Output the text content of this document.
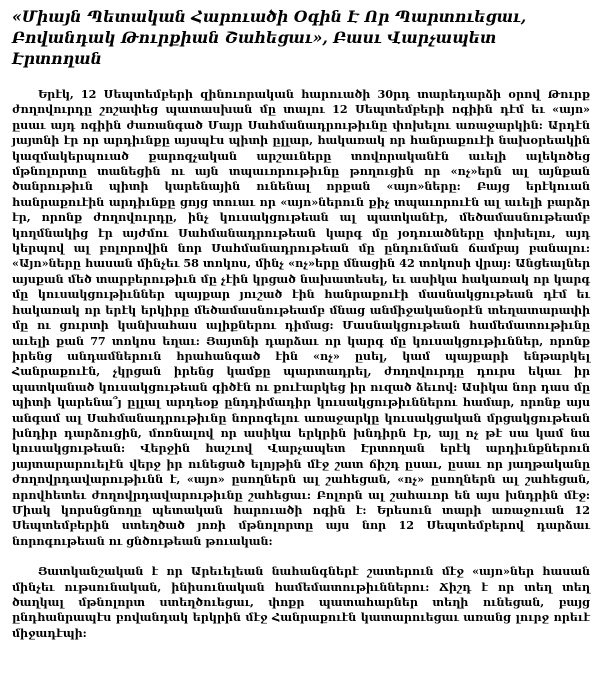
«Միայն Պետական Հարուածի Օգին Է Որ Պարտուեցաւ, Բովանդակ Թուրքիան Շահեցաւ», Բասւ Վարչապետ Էրտողան

Երէկ, 12 Սեպտեմբերի զինուորական հարուածի 30րդ տարեդարձի օրով Թուրք ժողովուրդը շոշափեց պատասխան մը տալու 12 Սեպտեմբերի ոգիին դէմ եւ «այո» ըսաւ այդ ոգիին ժառանգած Մայր Սահմանադրութիւնը փոխելու առաջարկին: Արդէն յայտնի էր որ արդիւնքը այսպէս պիտի ըլլար, հակառակ որ հանրաքուէի նախօրեակին կազմակերպուած քարոզչական արշաւները տովորականէն աւելի ալեկոծեց մթնոլորտը տանեցին ու այն տպաւորութիւնը թողուցին որ «ոչ»երն ալ այնքան ծանրութիւն պիտի կարենային ունենալ որքան «այո»ները: Բայց երէկուան հանրաքուէին արդիւնքը ցոյց տուաւ որ «այո»ներուն քիչ տպաւորուէն ալ աւելի բարձր էր, որոնք ժողովուրդը, ինչ կուսակցութեան ալ պատկանէր, մեծամասնութեամբ կողմնակից էր այժմու Սահմանադրութեան կարգ մը յօդուածները փոխելու, այդ կերպով ալ բոլորովին նոր Սահմանադրութեան մը ընդունման ճամբայ բանալու: «Այո»ները հասան մինչեւ 58 տոկոս, մինչ «ոչ»երը մնացին 42 տոկոսի վրայ: Անցեալներ այսքան մեծ տարբերութիւն մը չէին կրցած նախատեսել, եւ ասիկա հակառակ որ կարգ մը կուսակցութիւններ պայքար յուշած էին հանրաքուէի մասնակցութեան դէմ եւ հակառակ որ երէկ երկիրը մեծամասնութեամբ մնաց անմիջականօրէն տեղատարափի մը ու ցուրտի կանխահաս ալիքներու դիմաց: Մասնակցութեան համեմատութիւնը աւելի քան 77 տոկոս եղաւ: Յայտնի դարձաւ որ կարգ մը կուսակցութիւններ, որոնք իրենց անդամներուն հրահանգած էին «ոչ» ըսել, կամ պայքարի ենթարկել Հանրաքուէն, չկրցան իրենց կամքը պարտադրել, ժողովուրդը դուրս եկաւ իր պատկանած կուսակցութեան գիծէն ու քուէարկեց իր ուզած ձեւով: Ասիկա նոր դաս մը պիտի կարենա՞յ ըլլալ արդեօք ընդդիմադիր կուսակցութիւններու համար, որոնք այս անգամ ալ Սահմանադրութիւնը նորոգելու առաջարկը կուսակցական մրցակցութեան խնդիր դարձուցին, մոռնալով որ ասիկա երկրին խնդիրն էր, այլ ոչ թէ սա կամ նա կուսակցութեան: Վերջին հաշւով Վարչապետ Էրտողան երէկ արդիւնքներուն յայտարարուելէն վերջ իր ունեցած ելոյթին մէջ շատ ճիշդ ըսաւ, ըսաւ որ յաղթականը ժողովրդավարութիւնն է, «այո» ըսողներն ալ շահեցան, «ոչ» ըսողներն ալ շահեցան, որովհետեւ ժողովրդավարութիւնը շահեցաւ: Բոլորն ալ շահաւոր են այս խնդրին մէջ: Միակ կորսնցնողը պետական հարուածի ոգին է: Երեսուն տարի առաջուան 12 Սեպտեմբերին ստեղծած յոռի մթնոլորտը այս նոր 12 Սեպտեմբերով դարձաւ նորոգութեան ու ցնծութեան թուական:

Յատկանշական է որ Արեւելեան նահանգներէ շատերուն մէջ «այո»ներ հասան մինչեւ ութսունական, ինիսունական համեմատութիւններու: Ճիշդ է որ տեղ տեղ ծաղկալ մթնոլորտ ստեղծուեցաւ, փոքր պատահարներ տեղի ունեցան, բայց ընդհանրապէս բովանդակ երկրին մէջ Հանրաքուէն կատարուեցաւ առանց լուրջ որեւէ միջադէպի:
